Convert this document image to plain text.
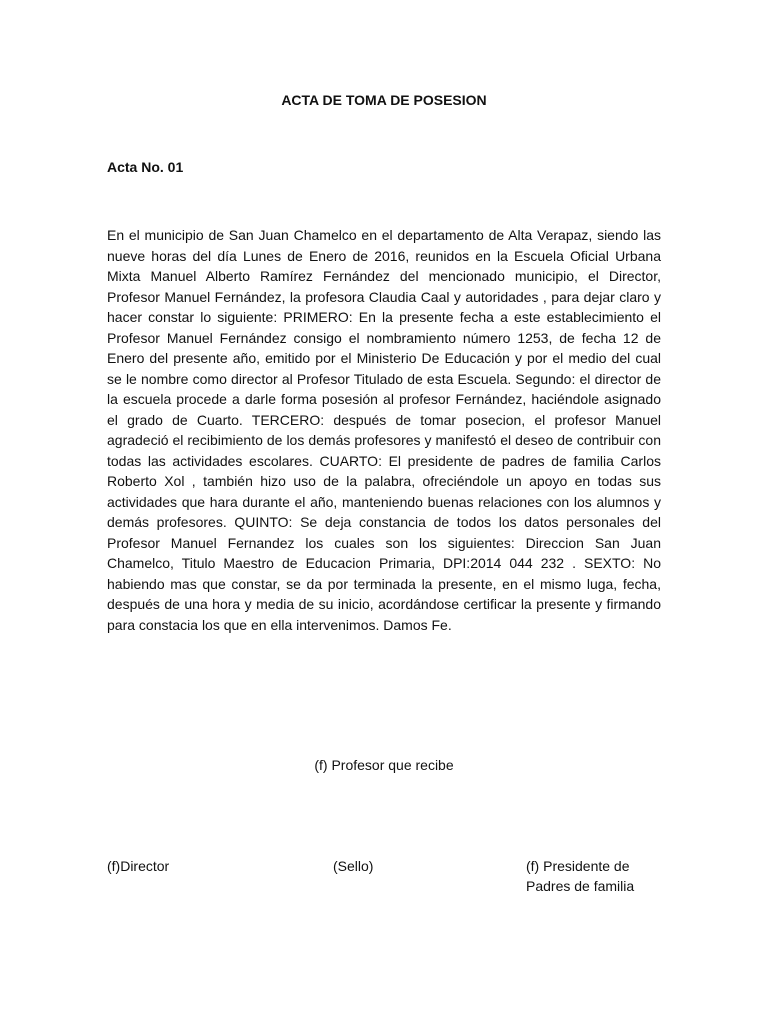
ACTA DE TOMA DE POSESION
Acta No. 01

En el municipio de San Juan Chamelco en el departamento de Alta Verapaz, siendo las nueve horas del día Lunes de Enero de 2016, reunidos en la Escuela Oficial Urbana Mixta Manuel Alberto Ramírez Fernández del mencionado municipio, el Director, Profesor Manuel Fernández, la profesora Claudia Caal y autoridades , para dejar claro y hacer constar lo siguiente: PRIMERO: En la presente fecha a este establecimiento el Profesor Manuel Fernández consigo el nombramiento número 1253, de fecha 12 de Enero del presente año, emitido por el Ministerio De Educación y por el medio del cual se le nombre como director al Profesor Titulado de esta Escuela. Segundo: el director de la escuela procede a darle forma posesión al profesor Fernández, haciéndole asignado el grado de Cuarto. TERCERO: después de tomar posecion, el profesor Manuel agradeció el recibimiento de los demás profesores y manifestó el deseo de contribuir con todas las actividades escolares. CUARTO: El presidente de padres de familia Carlos Roberto Xol , también hizo uso de la palabra, ofreciéndole un apoyo en todas sus actividades que hara durante el año, manteniendo buenas relaciones con los alumnos y demás profesores. QUINTO: Se deja constancia de todos los datos personales del Profesor Manuel Fernandez los cuales son los siguientes: Direccion San Juan Chamelco, Titulo Maestro de Educacion Primaria, DPI:2014 044 232 . SEXTO: No habiendo mas que constar, se da por terminada la presente, en el mismo luga, fecha, después de una hora y media de su inicio, acordándose certificar la presente y firmando para constacia los que en ella intervenimos. Damos Fe.

(f) Profesor que recibe
(f)Director	(Sello)	(f) Presidente de
Padres de familia
